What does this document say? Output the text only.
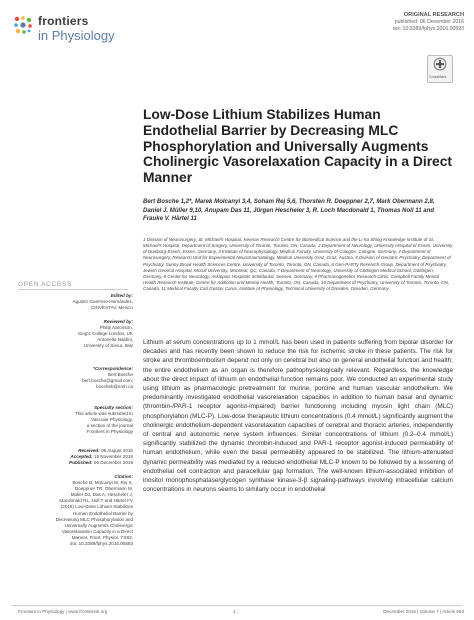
frontiers
in Physiology
ORIGINAL RESEARCH
published: 06 December 2016
doi: 10.3389/fphys.2016.00593
CrossMark
Low-Dose Lithium Stabilizes Human Endothelial Barrier by Decreasing MLC Phosphorylation and Universally Augments Cholinergic Vasorelaxation Capacity in a Direct Manner
Bert Bosche 1,2*, Marek Molcanyi 3,4, Soham Rej 5,6, Thorsten R. Doeppner 2,7, Mark Obermann 2,8, Daniel J. Müller 9,10, Anupam Das 11, Jürgen Hescheler 3, R. Loch Macdonald 1, Thomas Noll 11 and Frauke V. Härtel 11
1 Division of Neurosurgery, St. Michael's Hospital, Keenan Research Centre for Biomedical Science and the Li Ka Shing Knowledge Institute of St. Michael's Hospital, Department of Surgery, University of Toronto, Toronto, ON, Canada, 2 Department of Neurology, University Hospital of Essen, University of Duisburg-Essen, Essen, Germany, 3 Institute of Neurophysiology, Medical Faculty, University of Cologne, Cologne, Germany, 4 Department of Neurosurgery, Research Unit for Experimental Neurotraumatology, Medical University Graz, Graz, Austria, 5 Division of Geriatric Psychiatry, Department of Psychiatry, Sunny Brook Health Sciences Centre, University of Toronto, Toronto, ON, Canada, 6 Geri-PARTy Research Group, Department of Psychiatry, Jewish General Hospital, McGill University, Montréal, QC, Canada, 7 Department of Neurology, University of Göttingen Medical School, Göttingen, Germany, 8 Center for Neurology, Asklepios Hospitals Schildautal, Seesen, Germany, 9 Pharmacogenetics Research Clinic, Campbell Family Mental Health Research Institute, Centre for Addiction and Mental Health, Toronto, ON, Canada, 10 Department of Psychiatry, University of Toronto, Toronto, ON, Canada, 11 Medical Faculty Carl Gustav Carus, Institute of Physiology, Technical University of Dresden, Dresden, Germany
OPEN ACCESS
Edited by:
Agustín Guerrero-Hernández,
CINVESTAV, Mexico
Reviewed by:
Philip Aaronson,
King's College London, UK
Antonella Naldini,
University of Siena, Italy
*Correspondence:
Bert Bosche
bert.bosche@gmail.com;
boscheb@smh.ca
Specialty section:
This article was submitted to
Vascular Physiology,
a section of the journal
Frontiers in Physiology
Received: 08 August 2016
Accepted: 15 November 2016
Published: 06 December 2016
Citation:
Bosche B, Molcanyi M, Rej S,
Doeppner TR, Obermann M,
Müller DJ, Das A, Hescheler J,
Macdonald RL, Noll T and Härtel FV
(2016) Low-Dose Lithium Stabilizes
Human Endothelial Barrier by
Decreasing MLC Phosphorylation and
Universally Augments Cholinergic
Vasorelaxation Capacity in a Direct
Manner. Front. Physiol. 7:593.
doi: 10.3389/fphys.2016.00593
Lithium at serum concentrations up to 1 mmol/L has been used in patients suffering from bipolar disorder for decades and has recently been shown to reduce the risk for ischemic stroke in these patients. The risk for stroke and thromboembolism depend not only on cerebral but also on general endothelial function and health; the entire endothelium as an organ is therefore pathophysiologically relevant. Regardless, the knowledge about the direct impact of lithium on endothelial function remains poor. We conducted an experimental study using lithium as pharmacologic pretreatment for murine, porcine and human vascular endothelium. We predominantly investigated endothelial vasorelaxation capacities in addition to human basal and dynamic (thrombin-/PAR-1 receptor agonist-impaired) barrier functioning including myosin light chain (MLC) phosphorylation (MLC-P). Low-dose therapeutic lithium concentrations (0.4 mmol/L) significantly augment the cholinergic endothelium-dependent vasorelaxation capacities of cerebral and thoracic arteries, independently of central and autonomic nerve system influences. Similar concentrations of lithium (0.2–0.4 mmol/L) significantly stabilized the dynamic thrombin-induced and PAR-1 receptor agonist-induced permeability of human endothelium, while even the basal permeability appeared to be stabilized. The lithium-attenuated dynamic permeability was mediated by a reduced endothelial MLC-P known to be followed by a lessening of endothelial cell contraction and paracellular gap formation. The well-known lithium-associated inhibition of inositol monophosphatase/glycogen synthase kinase-3-β signaling-pathways involving intracellular calcium concentrations in neurons seems to similarly occur in endothelial
Frontiers in Physiology | www.frontiersin.org	1	December 2016 | Volume 7 | Article 593
